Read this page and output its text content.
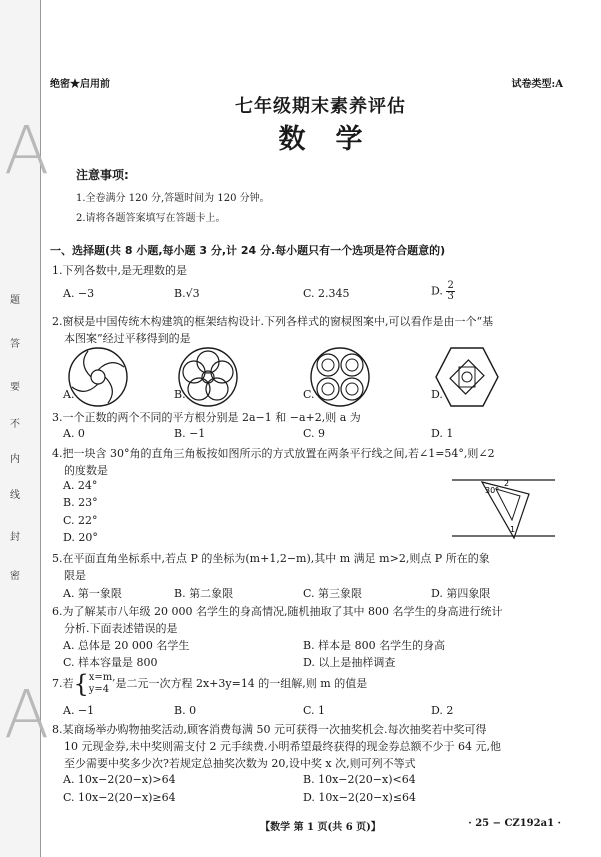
A
A
题
答
要
不
内
线
封
密
绝密★启用前	试卷类型:A
七年级期末素养评估
数学
注意事项:
1.全卷满分 120 分,答题时间为 120 分钟。
2.请将各题答案填写在答题卡上。
一、选择题(共 8 小题,每小题 3 分,计 24 分.每小题只有一个选项是符合题意的)
1.下列各数中,是无理数的是
A. −3	B.√3	C. 2.345	D. $\frac{2}{3}$
2.窗棂是中国传统木构建筑的框架结构设计.下列各样式的窗棂图案中,可以看作是由一个“基
本图案”经过平移得到的是
A.	B.	C.	D.
3.一个正数的两个不同的平方根分别是 2a−1 和 −a+2,则 a 为
A. 0	B. −1	C. 9	D. 1
4.把一块含 30°角的直角三角板按如图所示的方式放置在两条平行线之间,若∠1=54°,则∠2
的度数是
A. 24°
B. 23°
C. 22°
D. 20°
30°
2
1
5.在平面直角坐标系中,若点 P 的坐标为(m+1,2−m),其中 m 满足 m>2,则点 P 所在的象
限是
A. 第一象限	B. 第二象限	C. 第三象限	D. 第四象限
6.为了解某市八年级 20 000 名学生的身高情况,随机抽取了其中 800 名学生的身高进行统计
分析.下面表述错误的是
A. 总体是 20 000 名学生	B. 样本是 800 名学生的身高
C. 样本容量是 800	D. 以上是抽样调查
7.若{ x=m,
y=4 是二元一次方程 2x+3y=14 的一组解,则 m 的值是
A. −1	B. 0	C. 1	D. 2
8.某商场举办购物抽奖活动,顾客消费每满 50 元可获得一次抽奖机会.每次抽奖若中奖可得
10 元现金券,未中奖则需支付 2 元手续费.小明希望最终获得的现金券总额不少于 64 元,他
至少需要中奖多少次?若规定总抽奖次数为 20,设中奖 x 次,则可列不等式
A. 10x−2(20−x)>64	B. 10x−2(20−x)<64
C. 10x−2(20−x)≥64	D. 10x−2(20−x)≤64
【数学 第 1 页(共 6 页)】	· 25 − CZ192a1 ·
